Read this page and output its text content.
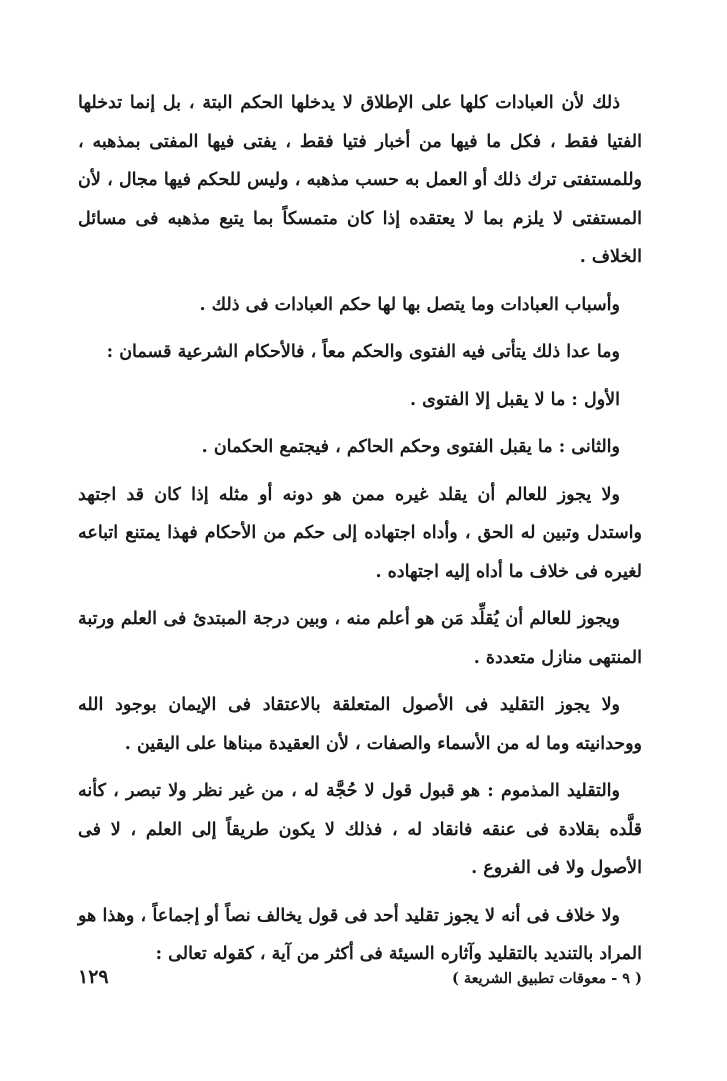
ذلك لأن العبادات كلها على الإطلاق لا يدخلها الحكم البتة ، بل إنما تدخلها الفتيا فقط ، فكل ما فيها من أخبار فتيا فقط ، يفتى فيها المفتى بمذهبه ، وللمستفتى ترك ذلك أو العمل به حسب مذهبه ، وليس للحكم فيها مجال ، لأن المستفتى لا يلزم بما لا يعتقده إذا كان متمسكاً بما يتبع مذهبه فى مسائل الخلاف .

وأسباب العبادات وما يتصل بها لها حكم العبادات فى ذلك .

وما عدا ذلك يتأتى فيه الفتوى والحكم معاً ، فالأحكام الشرعية قسمان :

الأول : ما لا يقبل إلا الفتوى .

والثانى : ما يقبل الفتوى وحكم الحاكم ، فيجتمع الحكمان .

ولا يجوز للعالم أن يقلد غيره ممن هو دونه أو مثله إذا كان قد اجتهد واستدل وتبين له الحق ، وأداه اجتهاده إلى حكم من الأحكام فهذا يمتنع اتباعه لغيره فى خلاف ما أداه إليه اجتهاده .

ويجوز للعالم أن يُقلِّد مَن هو أعلم منه ، وبين درجة المبتدئ فى العلم ورتبة المنتهى منازل متعددة .

ولا يجوز التقليد فى الأصول المتعلقة بالاعتقاد فى الإيمان بوجود الله ووحدانيته وما له من الأسماء والصفات ، لأن العقيدة مبناها على اليقين .

والتقليد المذموم : هو قبول قول لا حُجَّة له ، من غير نظر ولا تبصر ، كأنه قلَّده بقلادة فى عنقه فانقاد له ، فذلك لا يكون طريقاً إلى العلم ، لا فى الأصول ولا فى الفروع .

ولا خلاف فى أنه لا يجوز تقليد أحد فى قول يخالف نصاً أو إجماعاً ، وهذا هو المراد بالتنديد بالتقليد وآثاره السيئة فى أكثر من آية ، كقوله تعالى :

( ٩ - معوقات تطبيق الشريعة )
١٢٩
